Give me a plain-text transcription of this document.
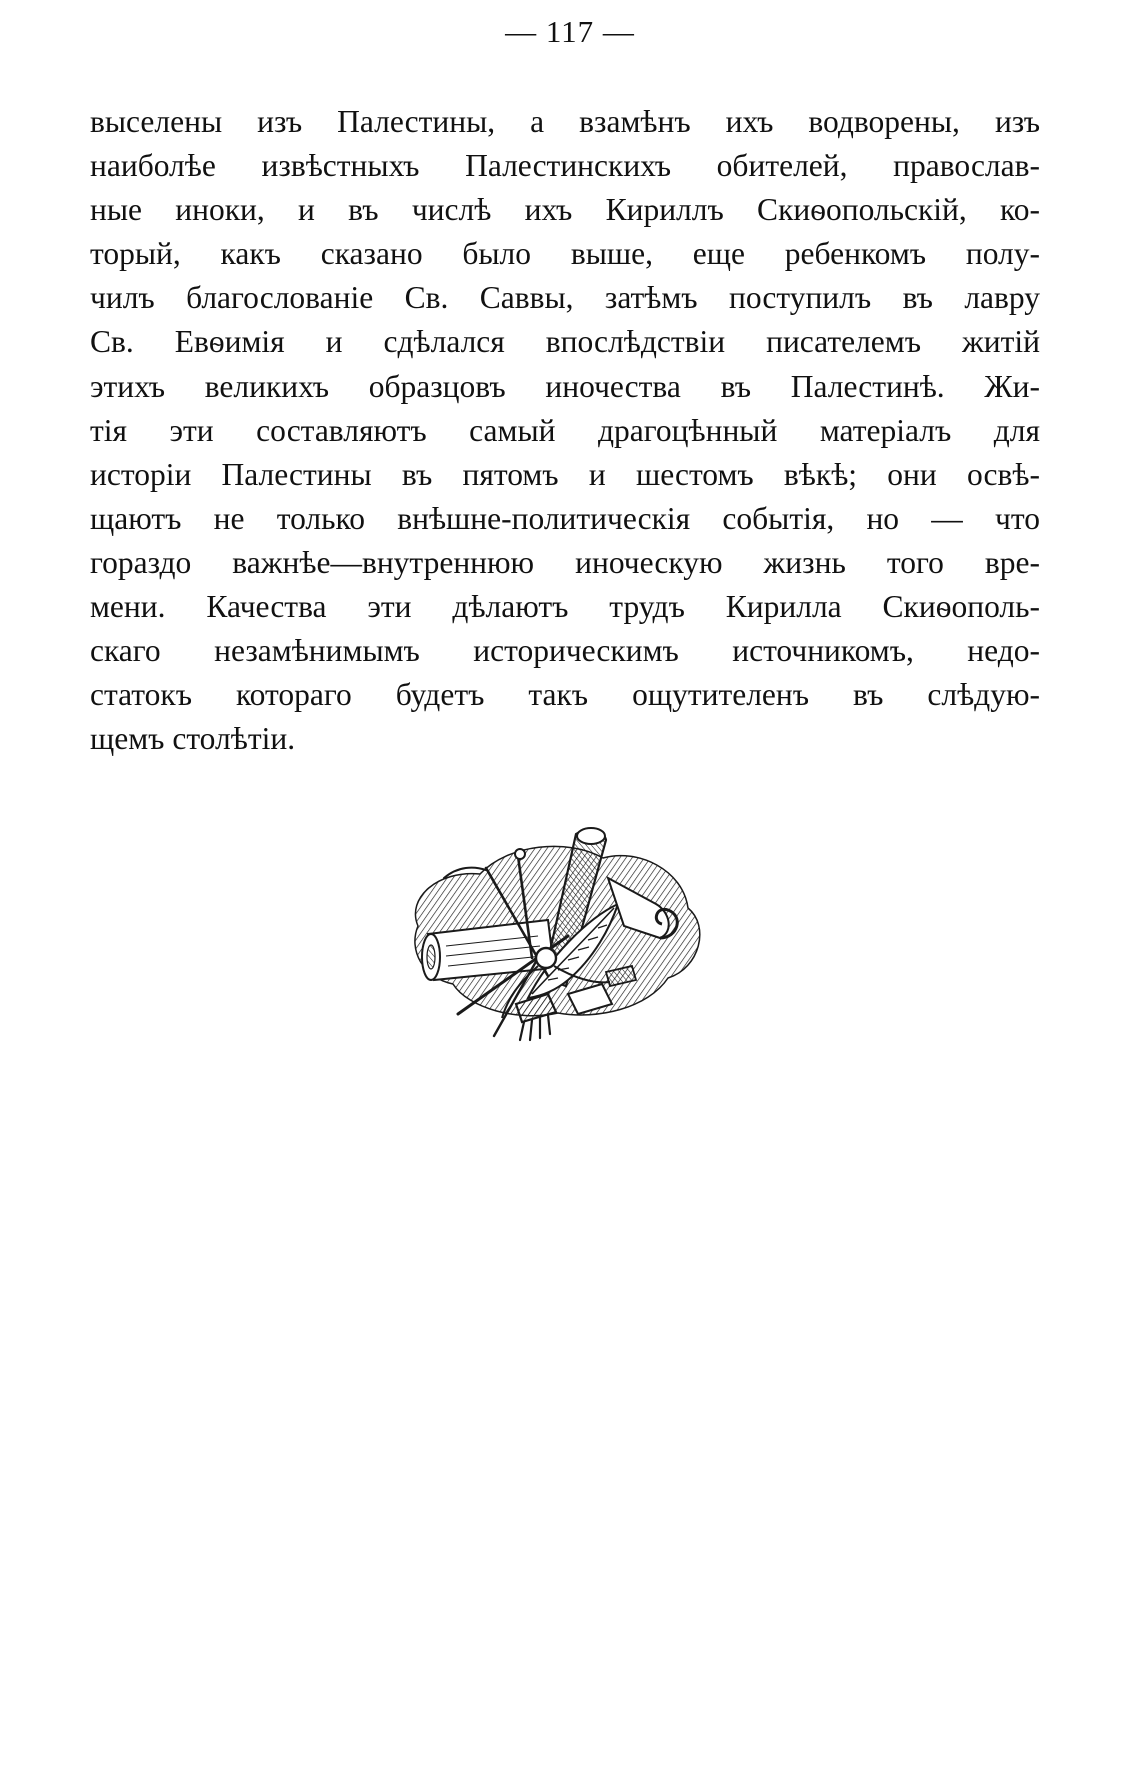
— 117 —
выселены изъ Палестины, а взамѣнъ ихъ водворены, изъ
наиболѣе извѣстныхъ Палестинскихъ обителей, православ-
ные иноки, и въ числѣ ихъ Кириллъ Скиѳопольскій, ко-
торый, какъ сказано было выше, еще ребенкомъ полу-
чилъ благослованіе Св. Саввы, затѣмъ поступилъ въ лавру
Св. Евѳимія и сдѣлался впослѣдствіи писателемъ житій
этихъ великихъ образцовъ иночества въ Палестинѣ. Жи-
тія эти составляютъ самый драгоцѣнный матеріалъ для
исторіи Палестины въ пятомъ и шестомъ вѣкѣ; они освѣ-
щаютъ не только внѣшне-политическія событія, но — что
гораздо важнѣе—внутреннюю иноческую жизнь того вре-
мени. Качества эти дѣлаютъ трудъ Кирилла Скиѳополь-
скаго незамѣнимымъ историческимъ источникомъ, недо-
статокъ котораго будетъ такъ ощутителенъ въ слѣдую-
щемъ столѣтіи.
